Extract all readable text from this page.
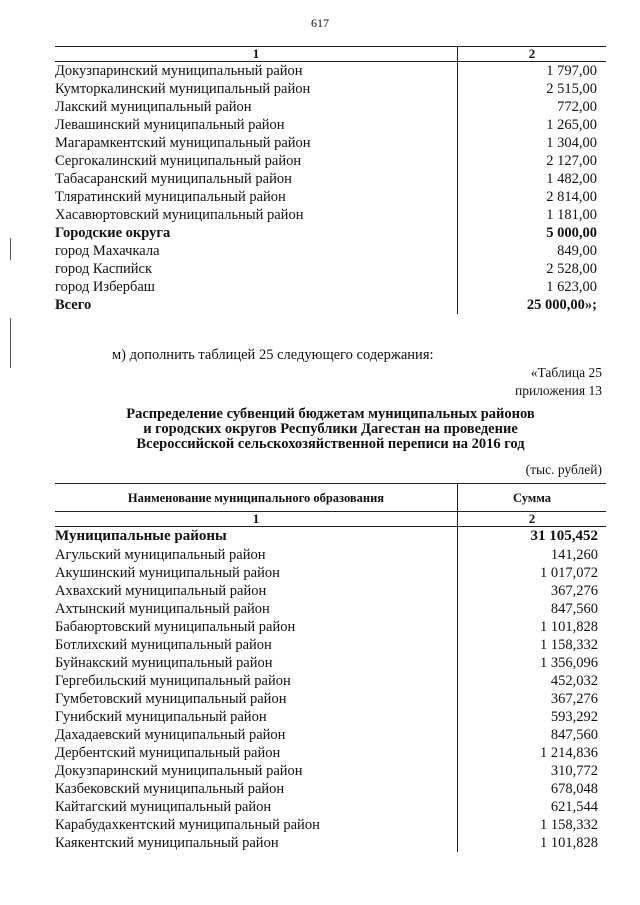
617
1	2
Докузпаринский муниципальный район	1 797,00
Кумторкалинский муниципальный район	2 515,00
Лакский муниципальный район	772,00
Левашинский муниципальный район	1 265,00
Магарамкентский муниципальный район	1 304,00
Сергокалинский муниципальный район	2 127,00
Табасаранский муниципальный район	1 482,00
Тляратинский муниципальный район	2 814,00
Хасавюртовский муниципальный район	1 181,00
Городские округа	5 000,00
город Махачкала	849,00
город Каспийск	2 528,00
город Избербаш	1 623,00
Всего	25 000,00»;
м) дополнить таблицей 25 следующего содержания:
«Таблица 25
приложения 13
Распределение субвенций бюджетам муниципальных районов
и городских округов Республики Дагестан на проведение
Всероссийской сельскохозяйственной переписи на 2016 год
(тыс. рублей)
Наименование муниципального образования	Сумма
1	2
Муниципальные районы	31 105,452
Агульский муниципальный район	141,260
Акушинский муниципальный район	1 017,072
Ахвахский муниципальный район	367,276
Ахтынский муниципальный район	847,560
Бабаюртовский муниципальный район	1 101,828
Ботлихский муниципальный район	1 158,332
Буйнакский муниципальный район	1 356,096
Гергебильский муниципальный район	452,032
Гумбетовский муниципальный район	367,276
Гунибский муниципальный район	593,292
Дахадаевский муниципальный район	847,560
Дербентский муниципальный район	1 214,836
Докузпаринский муниципальный район	310,772
Казбековский муниципальный район	678,048
Кайтагский муниципальный район	621,544
Карабудахкентский муниципальный район	1 158,332
Каякентский муниципальный район	1 101,828
